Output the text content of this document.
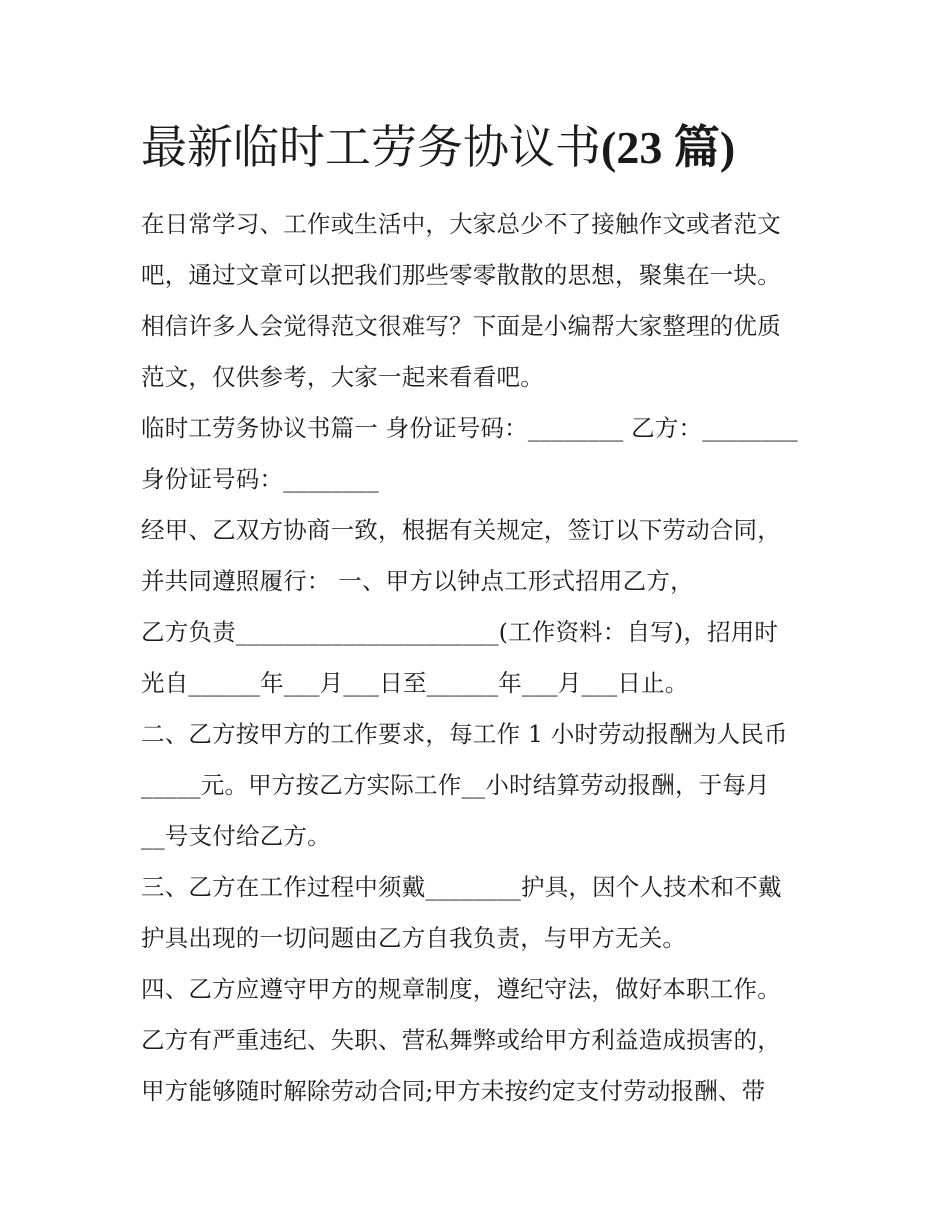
最新临时工劳务协议书(23 篇)

在日常学习、工作或生活中，大家总少不了接触作文或者范文
吧，通过文章可以把我们那些零零散散的思想，聚集在一块。
相信许多人会觉得范文很难写？下面是小编帮大家整理的优质
范文，仅供参考，大家一起来看看吧。

临时工劳务协议书篇一 身份证号码：________ 乙方：________
身份证号码：________

经甲、乙双方协商一致，根据有关规定，签订以下劳动合同，
并共同遵照履行： 一、甲方以钟点工形式招用乙方，
乙方负责______________________(工作资料：自写)，招用时
光自______年___月___日至______年___月___日止。

二、乙方按甲方的工作要求，每工作 1 小时劳动报酬为人民币
_____元。甲方按乙方实际工作__小时结算劳动报酬，于每月
__号支付给乙方。

三、乙方在工作过程中须戴________护具，因个人技术和不戴
护具出现的一切问题由乙方自我负责，与甲方无关。

四、乙方应遵守甲方的规章制度，遵纪守法，做好本职工作。
乙方有严重违纪、失职、营私舞弊或给甲方利益造成损害的，
甲方能够随时解除劳动合同;甲方未按约定支付劳动报酬、带
